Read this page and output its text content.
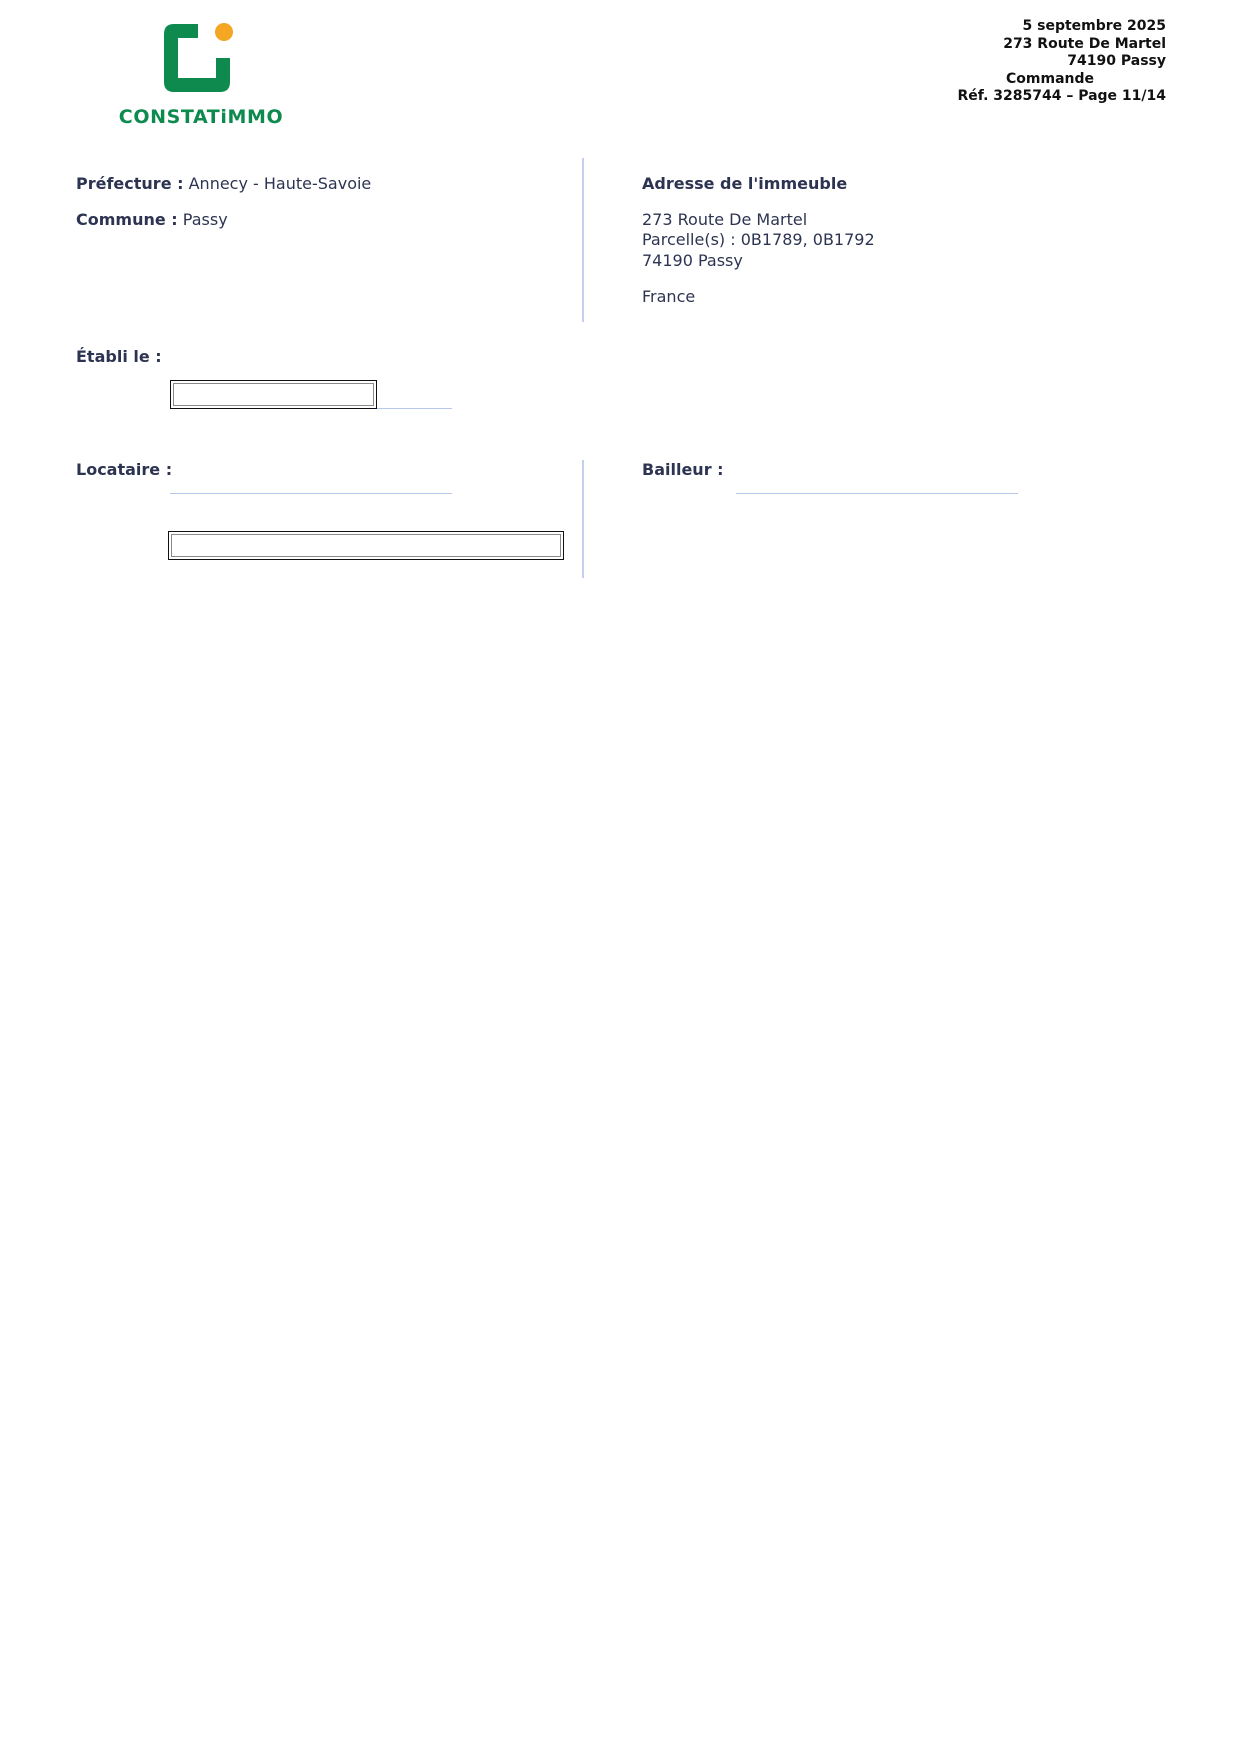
CONSTATiMMO
5 septembre 2025
273 Route De Martel
74190 Passy
Commande
Réf. 3285744 – Page 11/14
Préfecture : Annecy - Haute-Savoie
Commune : Passy
Adresse de l'immeuble
273 Route De Martel
Parcelle(s) : 0B1789, 0B1792
74190 Passy
France
Établi le :
Locataire :	Bailleur :
